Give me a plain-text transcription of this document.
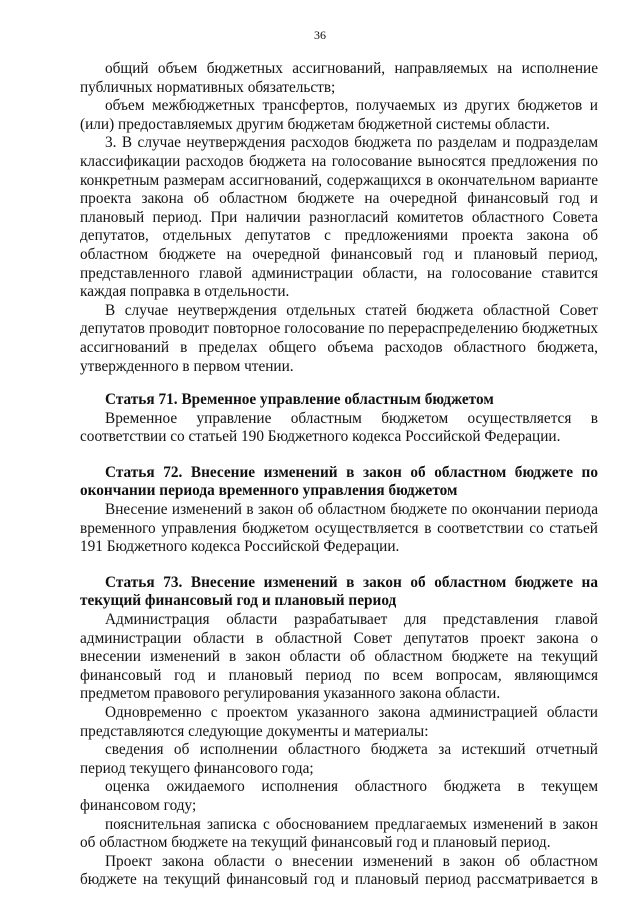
36

общий объем бюджетных ассигнований, направляемых на исполнение публичных нормативных обязательств;

объем межбюджетных трансфертов, получаемых из других бюджетов и (или) предоставляемых другим бюджетам бюджетной системы области.

3. В случае неутверждения расходов бюджета по разделам и подразделам классификации расходов бюджета на голосование выносятся предложения по конкретным размерам ассигнований, содержащихся в окончательном варианте проекта закона об областном бюджете на очередной финансовый год и плановый период. При наличии разногласий комитетов областного Совета депутатов, отдельных депутатов с предложениями проекта закона об областном бюджете на очередной финансовый год и плановый период, представленного главой администрации области, на голосование ставится каждая поправка в отдельности.

В случае неутверждения отдельных статей бюджета областной Совет депутатов проводит повторное голосование по перераспределению бюджетных ассигнований в пределах общего объема расходов областного бюджета, утвержденного в первом чтении.

Статья 71. Временное управление областным бюджетом

Временное управление областным бюджетом осуществляется в соответствии со статьей 190 Бюджетного кодекса Российской Федерации.

Статья 72. Внесение изменений в закон об областном бюджете по окончании периода временного управления бюджетом

Внесение изменений в закон об областном бюджете по окончании периода временного управления бюджетом осуществляется в соответствии со статьей 191 Бюджетного кодекса Российской Федерации.

Статья 73. Внесение изменений в закон об областном бюджете на текущий финансовый год и плановый период

Администрация области разрабатывает для представления главой администрации области в областной Совет депутатов проект закона о внесении изменений в закон области об областном бюджете на текущий финансовый год и плановый период по всем вопросам, являющимся предметом правового регулирования указанного закона области.

Одновременно с проектом указанного закона администрацией области представляются следующие документы и материалы:

сведения об исполнении областного бюджета за истекший отчетный период текущего финансового года;

оценка ожидаемого исполнения областного бюджета в текущем финансовом году;

пояснительная записка с обоснованием предлагаемых изменений в закон об областном бюджете на текущий финансовый год и плановый период.

Проект закона области о внесении изменений в закон об областном бюджете на текущий финансовый год и плановый период рассматривается в
